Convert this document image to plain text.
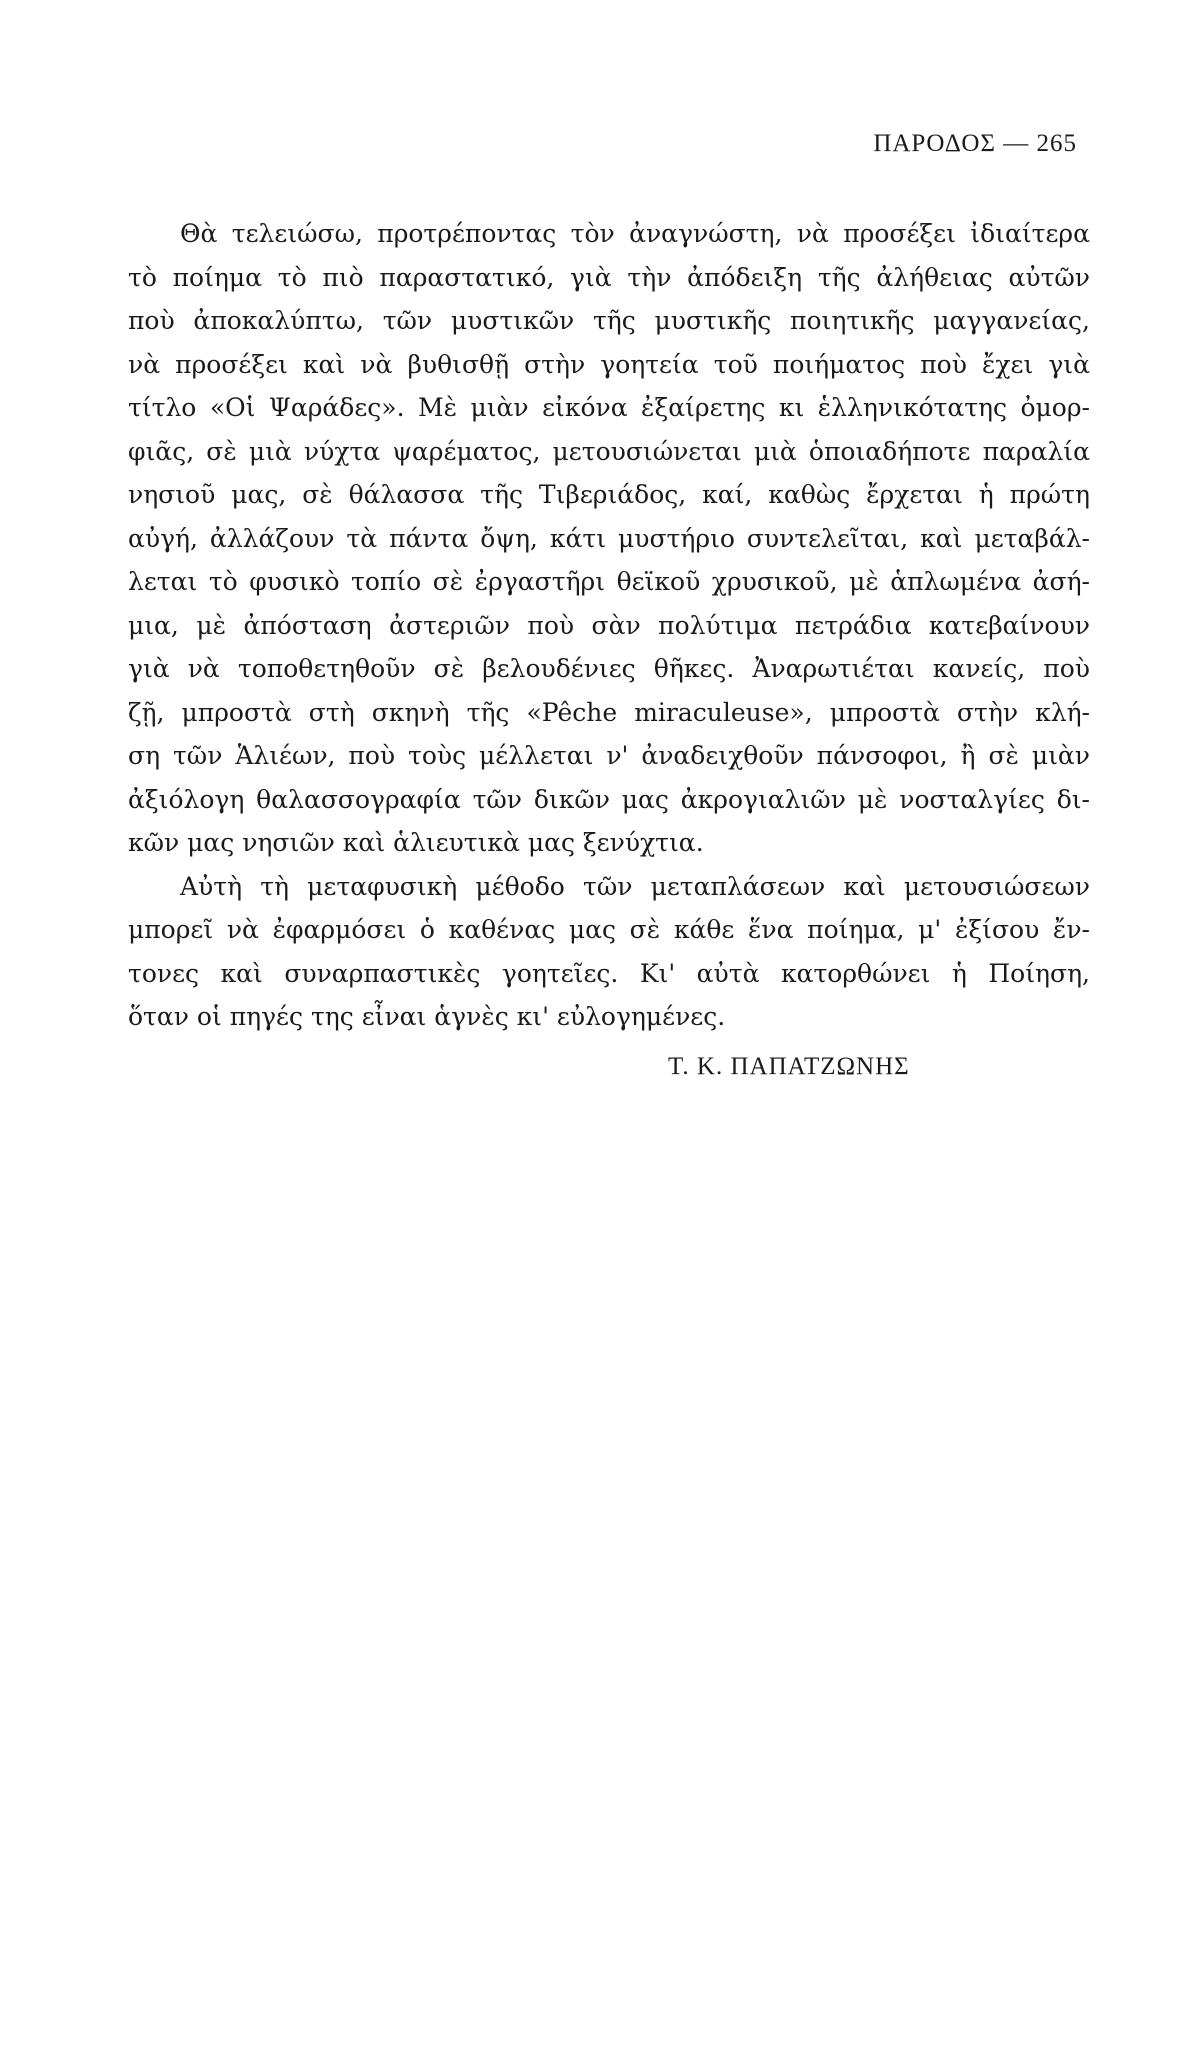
ΠΑΡΟΔΟΣ — 265
Θὰ τελειώσω, προτρέποντας τὸν ἀναγνώστη, νὰ προσέξει ἰδιαίτερα
τὸ ποίημα τὸ πιὸ παραστατικό, γιὰ τὴν ἀπόδειξη τῆς ἀλήθειας αὐτῶν
ποὺ ἀποκαλύπτω, τῶν μυστικῶν τῆς μυστικῆς ποιητικῆς μαγγανείας,
νὰ προσέξει καὶ νὰ βυθισθῇ στὴν γοητεία τοῦ ποιήματος ποὺ ἔχει γιὰ
τίτλο «Οἱ Ψαράδες». Μὲ μιὰν εἰκόνα ἐξαίρετης κι ἑλληνικότατης ὀμορ-
φιᾶς, σὲ μιὰ νύχτα ψαρέματος, μετουσιώνεται μιὰ ὁποιαδήποτε παραλία
νησιοῦ μας, σὲ θάλασσα τῆς Τιβεριάδος, καί, καθὼς ἔρχεται ἡ πρώτη
αὐγή, ἀλλάζουν τὰ πάντα ὄψη, κάτι μυστήριο συντελεῖται, καὶ μεταβάλ-
λεται τὸ φυσικὸ τοπίο σὲ ἐργαστῆρι θεϊκοῦ χρυσικοῦ, μὲ ἁπλωμένα ἀσή-
μια, μὲ ἀπόσταση ἀστεριῶν ποὺ σὰν πολύτιμα πετράδια κατεβαίνουν
γιὰ νὰ τοποθετηθοῦν σὲ βελουδένιες θῆκες. Ἀναρωτιέται κανείς, ποὺ
ζῇ, μπροστὰ στὴ σκηνὴ τῆς «Pêche miraculeuse», μπροστὰ στὴν κλή-
ση τῶν Ἁλιέων, ποὺ τοὺς μέλλεται ν' ἀναδειχθοῦν πάνσοφοι, ἢ σὲ μιὰν
ἀξιόλογη θαλασσογραφία τῶν δικῶν μας ἀκρογιαλιῶν μὲ νοσταλγίες δι-
κῶν μας νησιῶν καὶ ἁλιευτικὰ μας ξενύχτια.
Αὐτὴ τὴ μεταφυσικὴ μέθοδο τῶν μεταπλάσεων καὶ μετουσιώσεων
μπορεῖ νὰ ἐφαρμόσει ὁ καθένας μας σὲ κάθε ἕνα ποίημα, μ' ἐξίσου ἔν-
τονες καὶ συναρπαστικὲς γοητεῖες. Κι' αὐτὰ κατορθώνει ἡ Ποίηση,
ὅταν οἱ πηγές της εἶναι ἁγνὲς κι' εὐλογημένες.
Τ. Κ. ΠΑΠΑΤΖΩΝΗΣ
